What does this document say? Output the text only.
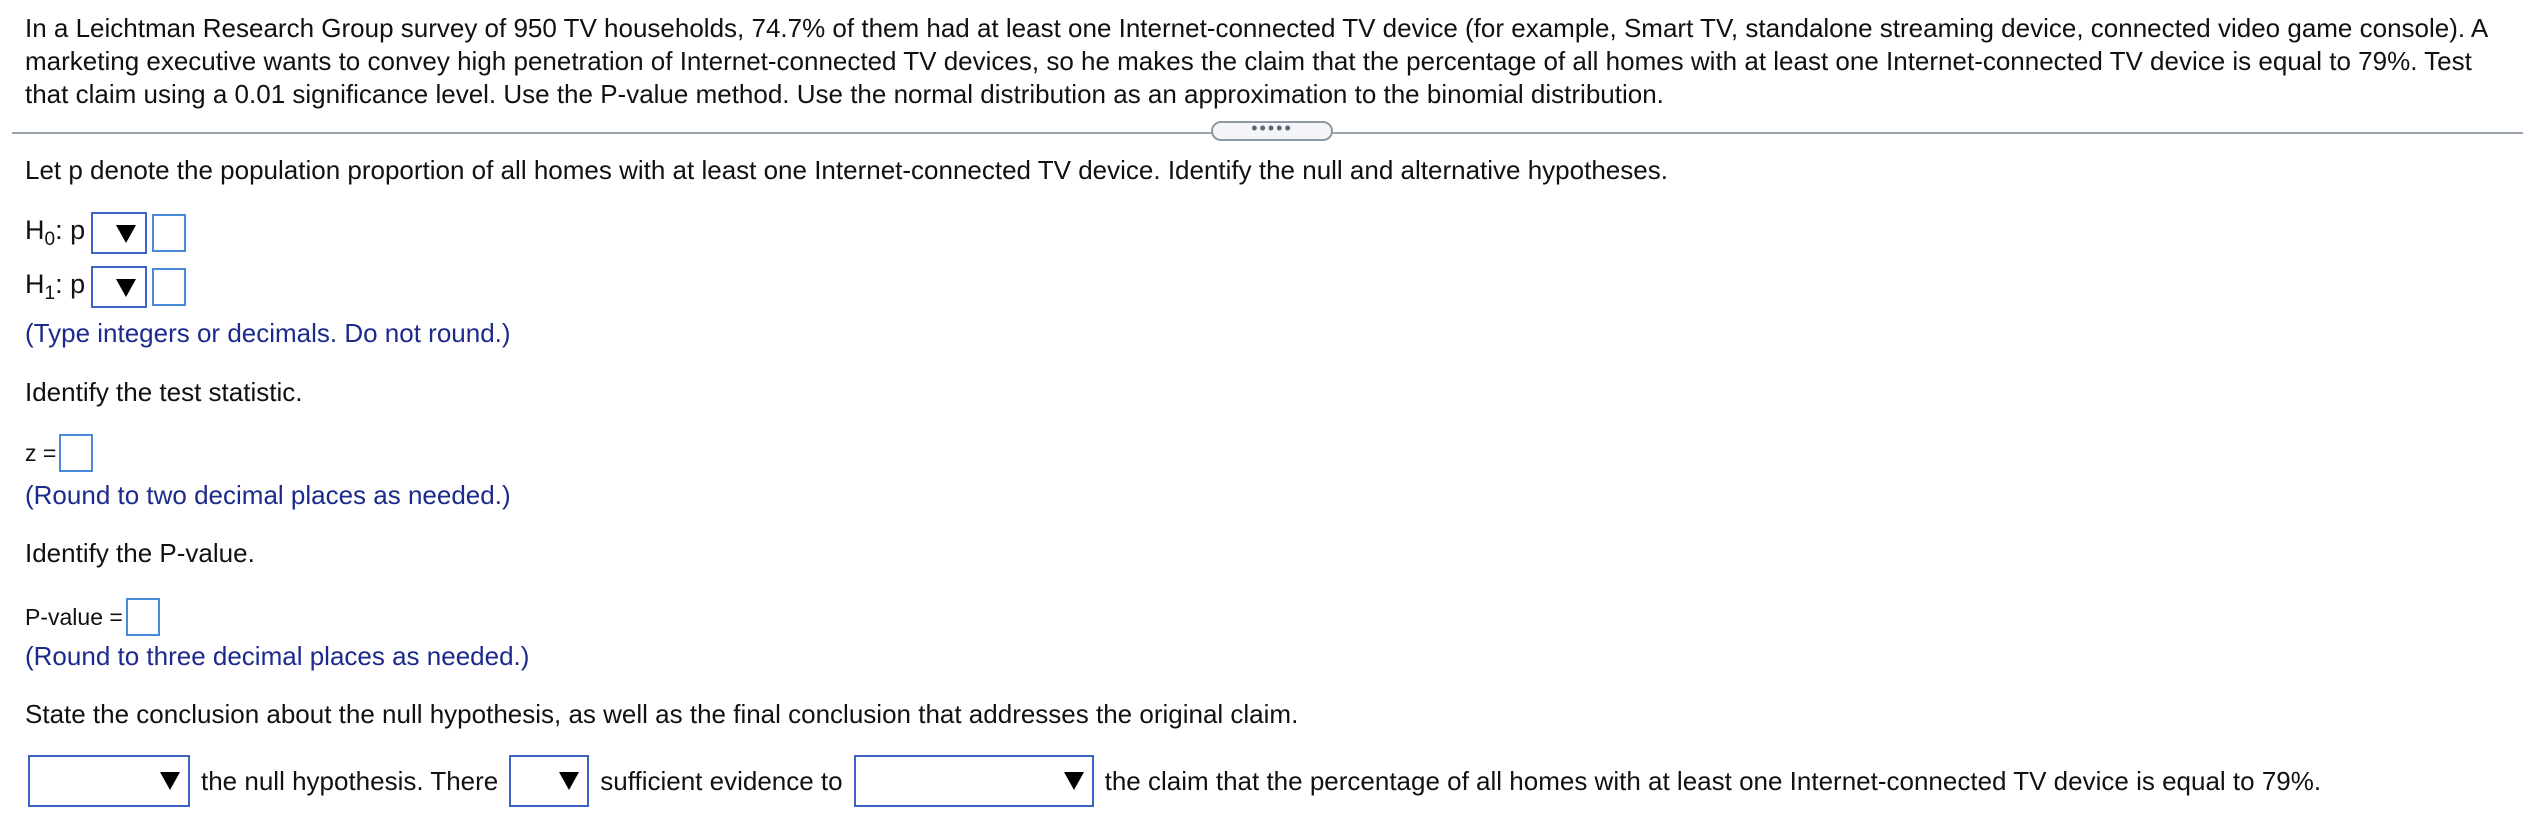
In a Leichtman Research Group survey of 950 TV households, 74.7% of them had at least one Internet-connected TV device (for example, Smart TV, standalone streaming device, connected video game console). A marketing executive wants to convey high penetration of Internet-connected TV devices, so he makes the claim that the percentage of all homes with at least one Internet-connected TV device is equal to 79%. Test that claim using a 0.01 significance level. Use the P-value method. Use the normal distribution as an approximation to the binomial distribution.
•••••
Let p denote the population proportion of all homes with at least one Internet-connected TV device. Identify the null and alternative hypotheses.
$H_0$: p
$H_1$: p
(Type integers or decimals. Do not round.)
Identify the test statistic.
z =
(Round to two decimal places as needed.)
Identify the P-value.
P-value =
(Round to three decimal places as needed.)
State the conclusion about the null hypothesis, as well as the final conclusion that addresses the original claim.
the null hypothesis. There	sufficient evidence to	the claim that the percentage of all homes with at least one Internet-connected TV device is equal to 79%.
